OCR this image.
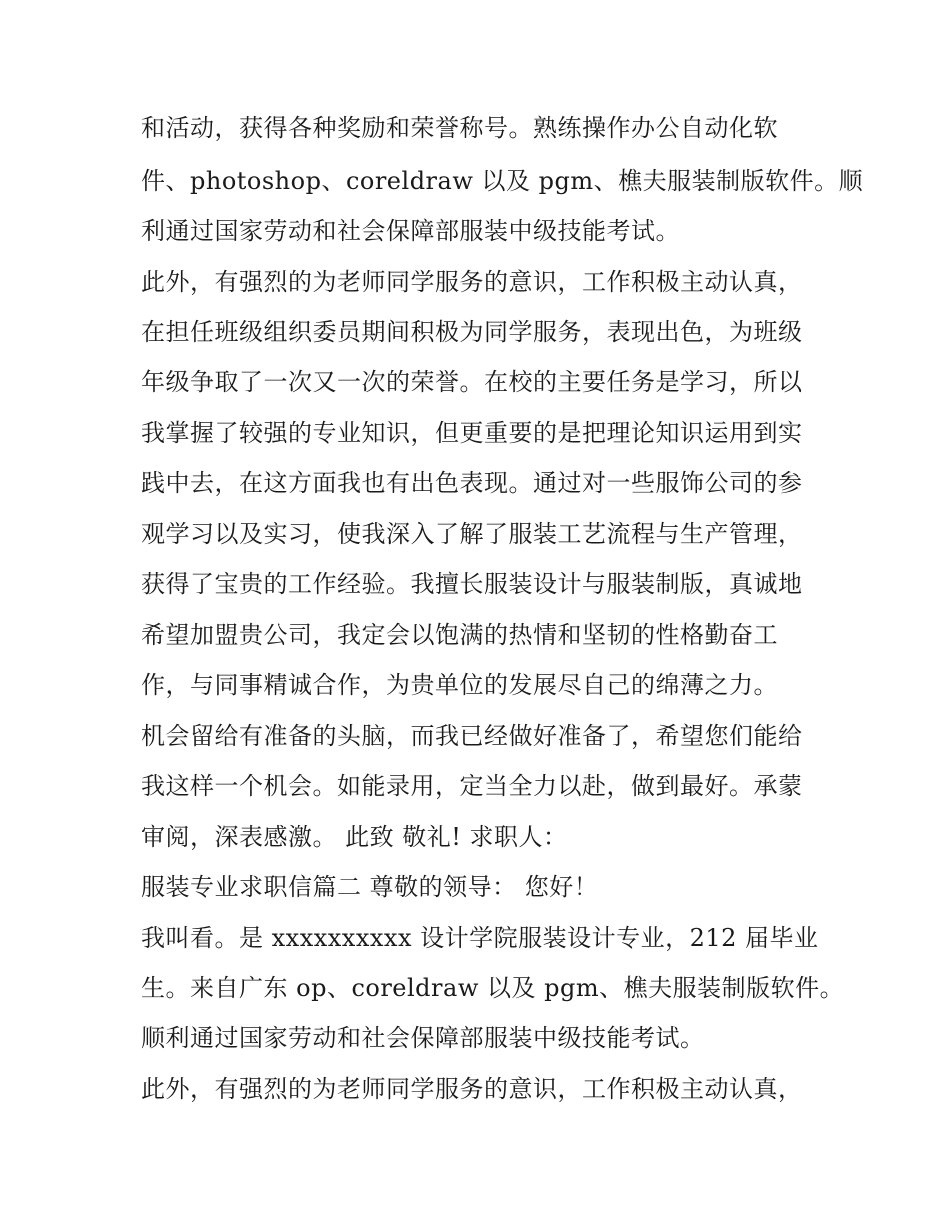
和活动，获得各种奖励和荣誉称号。熟练操作办公自动化软
件、photoshop、coreldraw 以及 pgm、樵夫服装制版软件。顺
利通过国家劳动和社会保障部服装中级技能考试。
此外，有强烈的为老师同学服务的意识，工作积极主动认真，
在担任班级组织委员期间积极为同学服务，表现出色，为班级
年级争取了一次又一次的荣誉。在校的主要任务是学习，所以
我掌握了较强的专业知识，但更重要的是把理论知识运用到实
践中去，在这方面我也有出色表现。通过对一些服饰公司的参
观学习以及实习，使我深入了解了服装工艺流程与生产管理，
获得了宝贵的工作经验。我擅长服装设计与服装制版，真诚地
希望加盟贵公司，我定会以饱满的热情和坚韧的性格勤奋工
作，与同事精诚合作，为贵单位的发展尽自己的绵薄之力。
机会留给有准备的头脑，而我已经做好准备了，希望您们能给
我这样一个机会。如能录用，定当全力以赴，做到最好。承蒙
审阅，深表感激。 此致 敬礼! 求职人：
服装专业求职信篇二 尊敬的领导： 您好！
我叫看。是 xxxxxxxxxx 设计学院服装设计专业，212 届毕业
生。来自广东 op、coreldraw 以及 pgm、樵夫服装制版软件。
顺利通过国家劳动和社会保障部服装中级技能考试。
此外，有强烈的为老师同学服务的意识，工作积极主动认真，
